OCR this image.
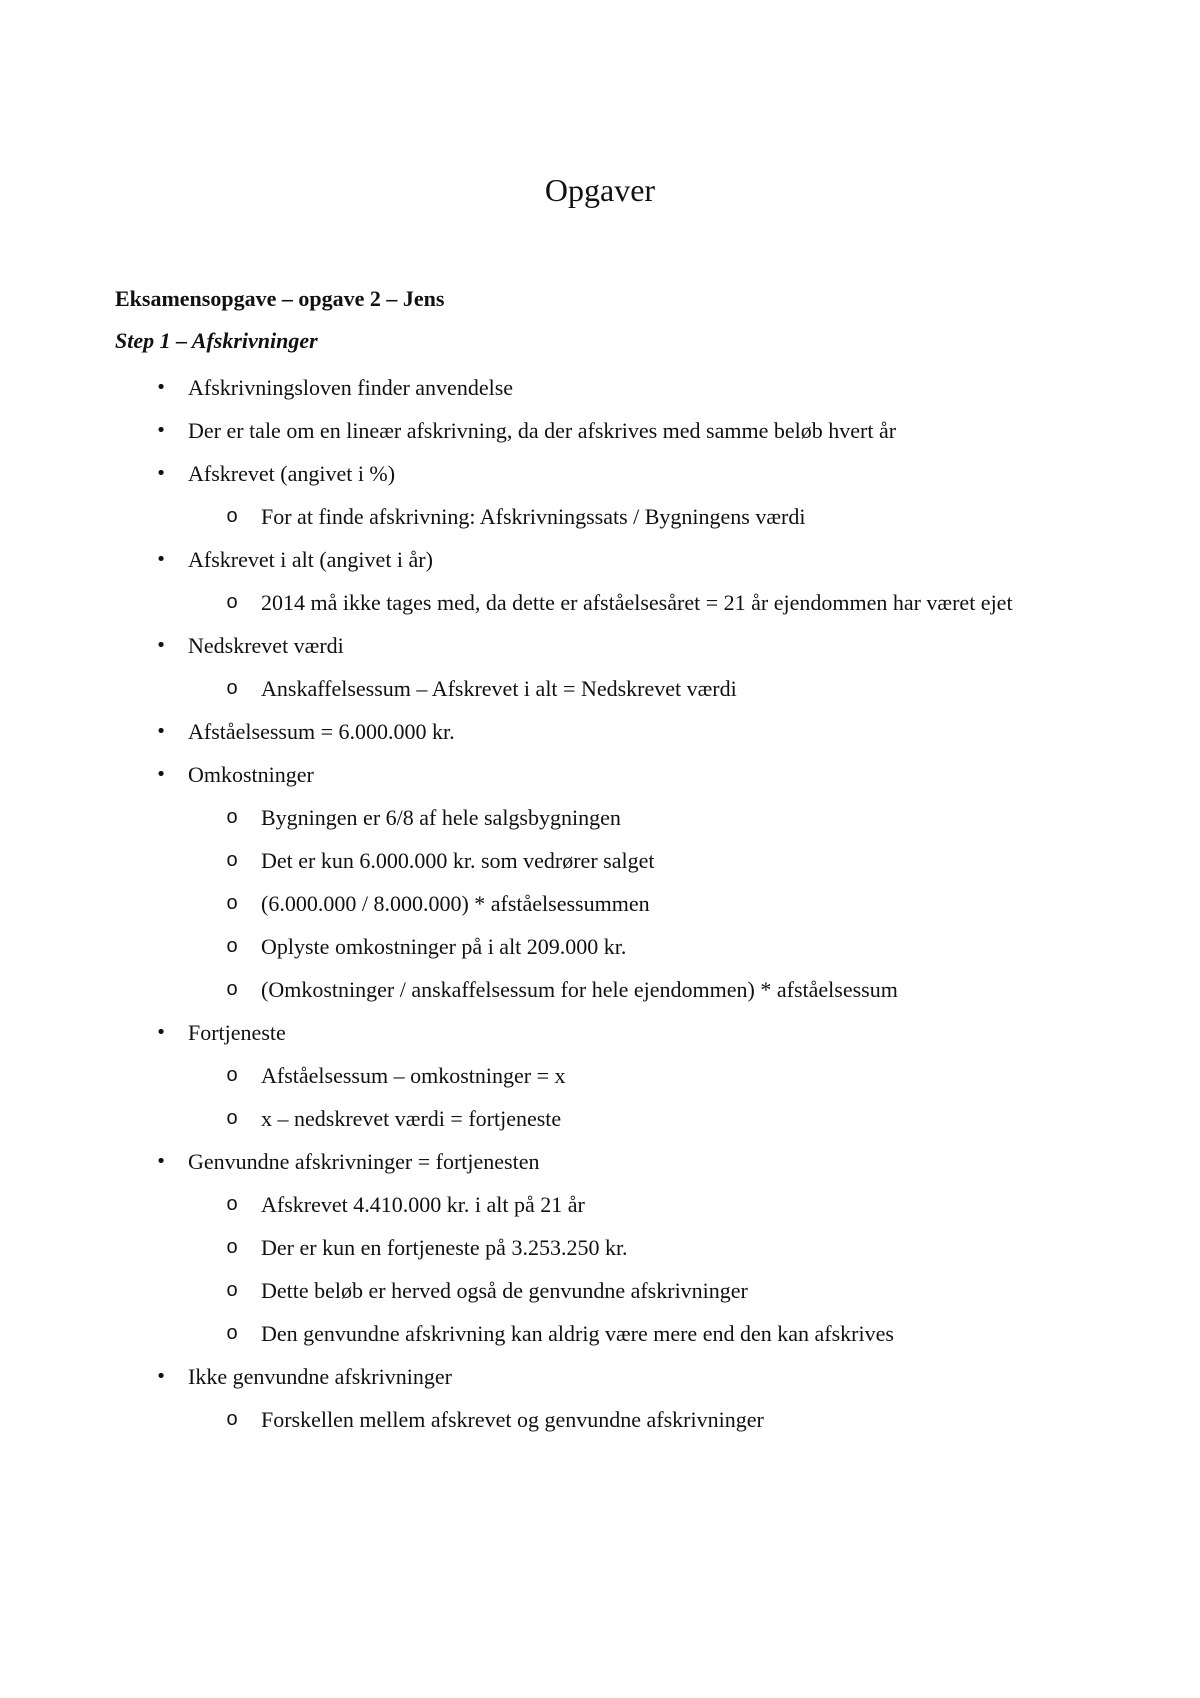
Opgaver
Eksamensopgave – opgave 2 – Jens
Step 1 – Afskrivninger
• Afskrivningsloven finder anvendelse
• Der er tale om en lineær afskrivning, da der afskrives med samme beløb hvert år
• Afskrevet (angivet i %)
o For at finde afskrivning: Afskrivningssats / Bygningens værdi
• Afskrevet i alt (angivet i år)
o 2014 må ikke tages med, da dette er afståelsesåret = 21 år ejendommen har været ejet
• Nedskrevet værdi
o Anskaffelsessum – Afskrevet i alt = Nedskrevet værdi
• Afståelsessum = 6.000.000 kr.
• Omkostninger
o Bygningen er 6/8 af hele salgsbygningen
o Det er kun 6.000.000 kr. som vedrører salget
o (6.000.000 / 8.000.000) * afståelsessummen
o Oplyste omkostninger på i alt 209.000 kr.
o (Omkostninger / anskaffelsessum for hele ejendommen) * afståelsessum
• Fortjeneste
o Afståelsessum – omkostninger = x
o x – nedskrevet værdi = fortjeneste
• Genvundne afskrivninger = fortjenesten
o Afskrevet 4.410.000 kr. i alt på 21 år
o Der er kun en fortjeneste på 3.253.250 kr.
o Dette beløb er herved også de genvundne afskrivninger
o Den genvundne afskrivning kan aldrig være mere end den kan afskrives
• Ikke genvundne afskrivninger
o Forskellen mellem afskrevet og genvundne afskrivninger
